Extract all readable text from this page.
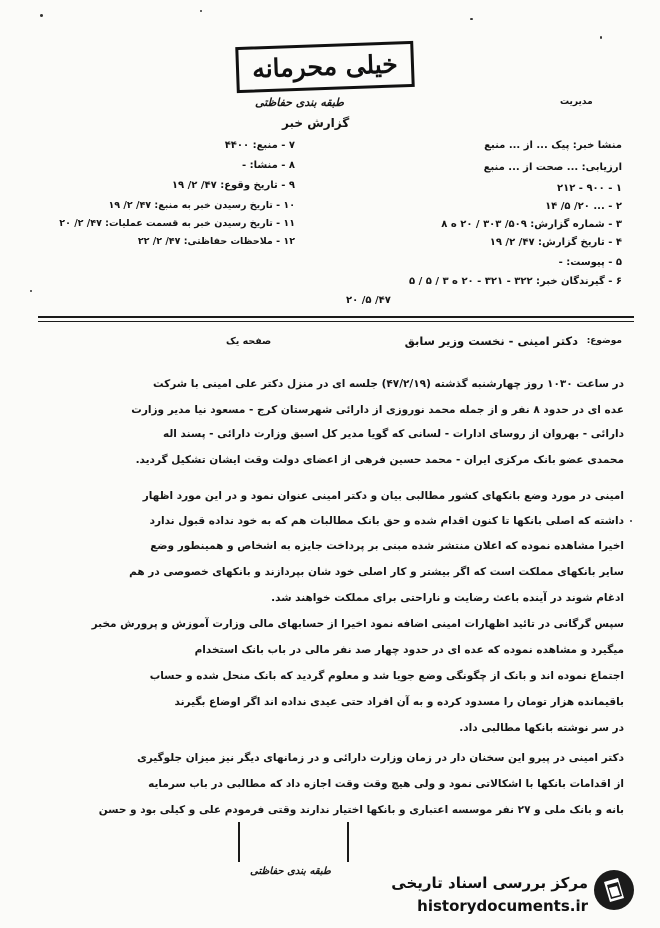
خیلی محرمانه
طبقه بندی حفاظتی
گزارش خبر
مدیریت
منشا خبر: پیک ... از ... منبع
ارزیابی: ... صحت از ... منبع
۱ - ۹۰۰ - ۲۱۲
۲ - ... ۲۰/ ۵/ ۱۴
۳ - شماره گزارش: ۵۰۹/ ۳۰۳ / ۲۰ ه ۸
۴ - تاریخ گزارش: ۴۷/ ۲/ ۱۹
۵ - پیوست: -
۶ - گیرندگان خبر: ۳۲۲ - ۳۲۱ - ۲۰ ه ۳ / ۵ / ۵
۴۷/ ۵/ ۲۰
۷ - منبع: ۴۴۰۰
۸ - منشا: -
۹ - تاریخ وقوع: ۴۷/ ۲/ ۱۹
۱۰ - تاریخ رسیدن خبر به منبع: ۴۷/ ۲/ ۱۹
۱۱ - تاریخ رسیدن خبر به قسمت عملیات: ۴۷/ ۲/ ۲۰
۱۲ - ملاحظات حفاظتی: ۴۷/ ۲/ ۲۲
موضوع:
دکتر امینی - نخست وزیر سابق
صفحه یک
در ساعت ۱۰۳۰ روز چهارشنبه گذشته (۴۷/۲/۱۹) جلسه ای در منزل دکتر علی امینی با شرکت
عده ای در حدود ۸ نفر و از جمله محمد نوروزی از دارائی شهرستان کرج - مسعود نیا مدیر وزارت
دارائی - بهروان از روسای ادارات - لسانی که گویا مدیر کل اسبق وزارت دارائی - پسند اله
محمدی عضو بانک مرکزی ایران - محمد حسین فرهی از اعضای دولت وقت ایشان تشکیل گردید.
امینی در مورد وضع بانکهای کشور مطالبی بیان و دکتر امینی عنوان نمود و در این مورد اظهار
داشته که اصلی بانکها تا کنون اقدام شده و حق بانک مطالبات هم که به خود نداده قبول ندارد
اخیرا مشاهده نموده که اعلان منتشر شده مبنی بر پرداخت جایزه به اشخاص و همینطور وضع
سایر بانکهای مملکت است که اگر بیشتر و کار اصلی خود شان بپردازند و بانکهای خصوصی در هم
ادغام شوند در آینده باعث رضایت و ناراحتی برای مملکت خواهند شد.
سپس گرگانی در تائید اظهارات امینی اضافه نمود اخیرا از حسابهای مالی وزارت آموزش و پرورش مخبر
میگیرد و مشاهده نموده که عده ای در حدود چهار صد نفر مالی در باب بانک استخدام
اجتماع نموده اند و بانک از چگونگی وضع جویا شد و معلوم گردید که بانک منحل شده و حساب
باقیمانده هزار تومان را مسدود کرده و به آن افراد حتی عیدی نداده اند اگر اوضاع بگیرند
در سر نوشته بانکها مطالبی داد.
دکتر امینی در پیرو این سخنان دار در زمان وزارت دارائی و در زمانهای دیگر نیز میزان جلوگیری
از اقدامات بانکها با اشکالاتی نمود و ولی هیچ وقت وقت اجازه داد که مطالبی در باب سرمایه
بانه و بانک ملی و ۲۷ نفر موسسه اعتباری و بانکها اختیار ندارند وقتی فرمودم علی و کیلی بود و حسن
طبقه بندی حفاظتی
مرکز بررسی اسناد تاریخی
historydocuments.ir
